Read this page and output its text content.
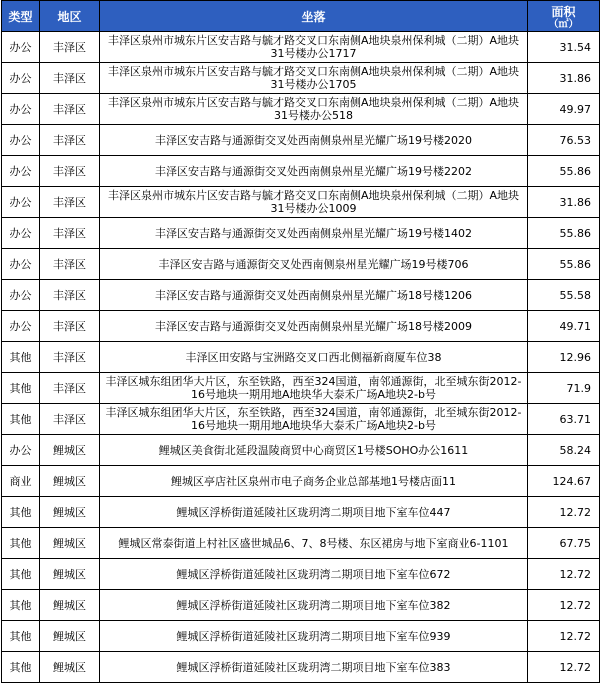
类型	地区	坐落	面积
（㎡）

办公	丰泽区	丰泽区泉州市城东片区安吉路与毓才路交叉口东南侧A地块泉州保利城（二期）A地块31号楼办公1717	31.54
办公	丰泽区	丰泽区泉州市城东片区安吉路与毓才路交叉口东南侧A地块泉州保利城（二期）A地块31号楼办公1705	31.86
办公	丰泽区	丰泽区泉州市城东片区安吉路与毓才路交叉口东南侧A地块泉州保利城（二期）A地块31号楼办公518	49.97
办公	丰泽区	丰泽区安吉路与通源街交叉处西南侧泉州星光耀广场19号楼2020	76.53
办公	丰泽区	丰泽区安吉路与通源街交叉处西南侧泉州星光耀广场19号楼2202	55.86
办公	丰泽区	丰泽区泉州市城东片区安吉路与毓才路交叉口东南侧A地块泉州保利城（二期）A地块31号楼办公1009	31.86
办公	丰泽区	丰泽区安吉路与通源街交叉处西南侧泉州星光耀广场19号楼1402	55.86
办公	丰泽区	丰泽区安吉路与通源街交叉处西南侧泉州星光耀广场19号楼706	55.86
办公	丰泽区	丰泽区安吉路与通源街交叉处西南侧泉州星光耀广场18号楼1206	55.58
办公	丰泽区	丰泽区安吉路与通源街交叉处西南侧泉州星光耀广场18号楼2009	49.71
其他	丰泽区	丰泽区田安路与宝洲路交叉口西北侧福新商厦车位38	12.96
其他	丰泽区	丰泽区城东组团华大片区，东至铁路，西至324国道，南邻通源街，北至城东街2012-16号地块一期用地A地块华大泰禾广场A地块2-b号	71.9
其他	丰泽区	丰泽区城东组团华大片区，东至铁路，西至324国道，南邻通源街，北至城东街2012-16号地块一期用地A地块华大泰禾广场A地块2-b号	63.71
办公	鲤城区	鲤城区美食街北延段温陵商贸中心商贸区1号楼SOHO办公1611	58.24
商业	鲤城区	鲤城区亭店社区泉州市电子商务企业总部基地1号楼店面11	124.67
其他	鲤城区	鲤城区浮桥街道延陵社区珑玥湾二期项目地下室车位447	12.72
其他	鲤城区	鲤城区常泰街道上村社区盛世城品6、7、8号楼、东区裙房与地下室商业6-1101	67.75
其他	鲤城区	鲤城区浮桥街道延陵社区珑玥湾二期项目地下室车位672	12.72
其他	鲤城区	鲤城区浮桥街道延陵社区珑玥湾二期项目地下室车位382	12.72
其他	鲤城区	鲤城区浮桥街道延陵社区珑玥湾二期项目地下室车位939	12.72
其他	鲤城区	鲤城区浮桥街道延陵社区珑玥湾二期项目地下室车位383	12.72
